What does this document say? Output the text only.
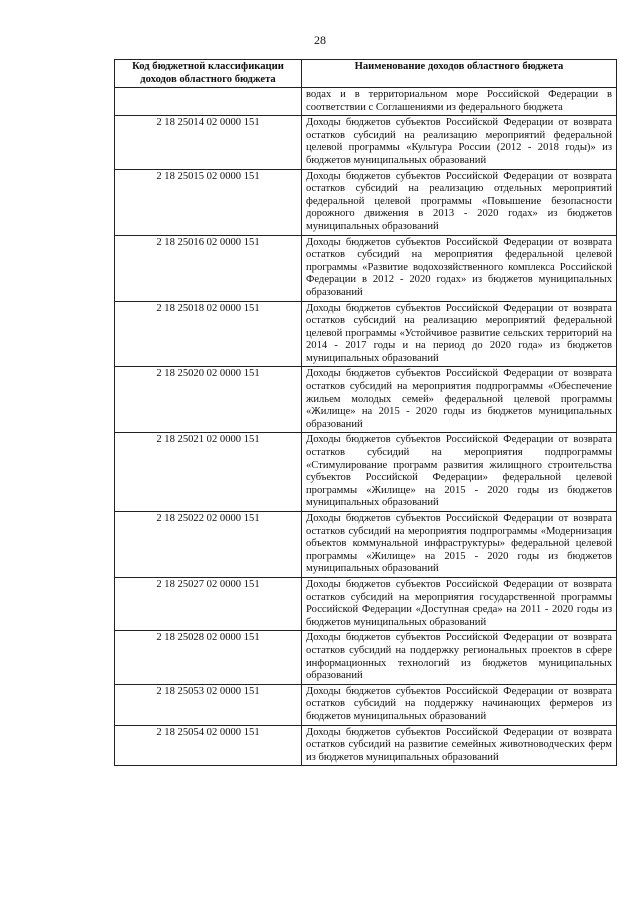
28
Код бюджетной классификации доходов областного бюджета	Наименование доходов областного бюджета
	водах и в территориальном море Российской Федерации в соответствии с Соглашениями из федерального бюджета
2 18 25014 02 0000 151	Доходы бюджетов субъектов Российской Федерации от возврата остатков субсидий на реализацию мероприятий федеральной целевой программы «Культура России (2012 - 2018 годы)» из бюджетов муниципальных образований
2 18 25015 02 0000 151	Доходы бюджетов субъектов Российской Федерации от возврата остатков субсидий на реализацию отдельных мероприятий федеральной целевой программы «Повышение безопасности дорожного движения в 2013 - 2020 годах» из бюджетов муниципальных образований
2 18 25016 02 0000 151	Доходы бюджетов субъектов Российской Федерации от возврата остатков субсидий на мероприятия федеральной целевой программы «Развитие водохозяйственного комплекса Российской Федерации в 2012 - 2020 годах» из бюджетов муниципальных образований
2 18 25018 02 0000 151	Доходы бюджетов субъектов Российской Федерации от возврата остатков субсидий на реализацию мероприятий федеральной целевой программы «Устойчивое развитие сельских территорий на 2014 - 2017 годы и на период до 2020 года» из бюджетов муниципальных образований
2 18 25020 02 0000 151	Доходы бюджетов субъектов Российской Федерации от возврата остатков субсидий на мероприятия подпрограммы «Обеспечение жильем молодых семей» федеральной целевой программы «Жилище» на 2015 - 2020 годы из бюджетов муниципальных образований
2 18 25021 02 0000 151	Доходы бюджетов субъектов Российской Федерации от возврата остатков субсидий на мероприятия подпрограммы «Стимулирование программ развития жилищного строительства субъектов Российской Федерации» федеральной целевой программы «Жилище» на 2015 - 2020 годы из бюджетов муниципальных образований
2 18 25022 02 0000 151	Доходы бюджетов субъектов Российской Федерации от возврата остатков субсидий на мероприятия подпрограммы «Модернизация объектов коммунальной инфраструктуры» федеральной целевой программы «Жилище» на 2015 - 2020 годы из бюджетов муниципальных образований
2 18 25027 02 0000 151	Доходы бюджетов субъектов Российской Федерации от возврата остатков субсидий на мероприятия государственной программы Российской Федерации «Доступная среда» на 2011 - 2020 годы из бюджетов муниципальных образований
2 18 25028 02 0000 151	Доходы бюджетов субъектов Российской Федерации от возврата остатков субсидий на поддержку региональных проектов в сфере информационных технологий из бюджетов муниципальных образований
2 18 25053 02 0000 151	Доходы бюджетов субъектов Российской Федерации от возврата остатков субсидий на поддержку начинающих фермеров из бюджетов муниципальных образований
2 18 25054 02 0000 151	Доходы бюджетов субъектов Российской Федерации от возврата остатков субсидий на развитие семейных животноводческих ферм из бюджетов муниципальных образований
